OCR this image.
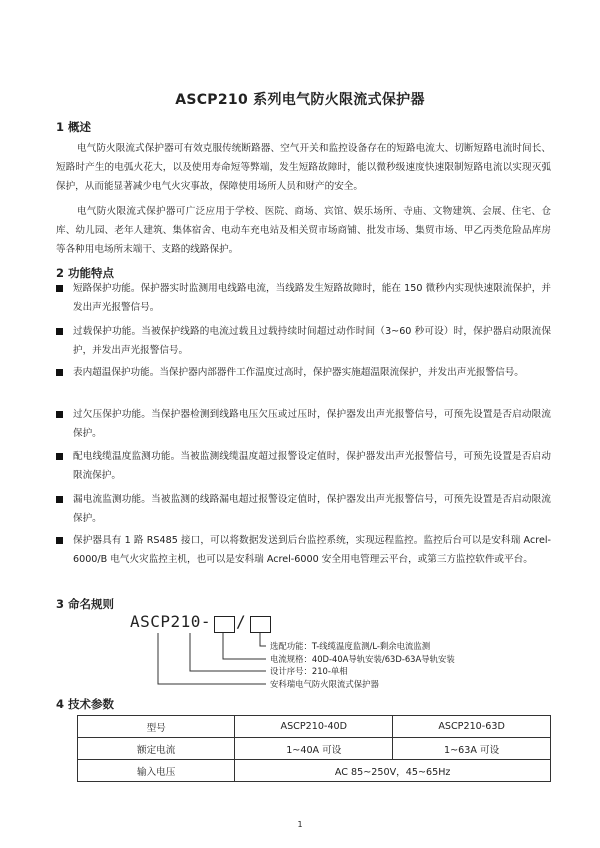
ASCP210 系列电气防火限流式保护器
1 概述
电气防火限流式保护器可有效克服传统断路器、空气开关和监控设备存在的短路电流大、切断短路电流时间长、短路时产生的电弧火花大，以及使用寿命短等弊端，发生短路故障时，能以微秒级速度快速限制短路电流以实现灭弧保护，从而能显著减少电气火灾事故，保障使用场所人员和财产的安全。
电气防火限流式保护器可广泛应用于学校、医院、商场、宾馆、娱乐场所、寺庙、文物建筑、会展、住宅、仓库、幼儿园、老年人建筑、集体宿舍、电动车充电站及相关贸市场商铺、批发市场、集贸市场、甲乙丙类危险品库房等各种用电场所末端干、支路的线路保护。
2 功能特点
短路保护功能。保护器实时监测用电线路电流，当线路发生短路故障时，能在 150 微秒内实现快速限流保护，并发出声光报警信号。
过载保护功能。当被保护线路的电流过载且过载持续时间超过动作时间（3~60 秒可设）时，保护器启动限流保护，并发出声光报警信号。
表内超温保护功能。当保护器内部器件工作温度过高时，保护器实施超温限流保护，并发出声光报警信号。
过欠压保护功能。当保护器检测到线路电压欠压或过压时，保护器发出声光报警信号，可预先设置是否启动限流保护。
配电线缆温度监测功能。当被监测线缆温度超过报警设定值时，保护器发出声光报警信号，可预先设置是否启动限流保护。
漏电流监测功能。当被监测的线路漏电超过报警设定值时，保护器发出声光报警信号，可预先设置是否启动限流保护。
保护器具有 1 路 RS485 接口，可以将数据发送到后台监控系统，实现远程监控。监控后台可以是安科瑞 Acrel-6000/B 电气火灾监控主机，也可以是安科瑞 Acrel-6000 安全用电管理云平台，或第三方监控软件或平台。
3 命名规则
ASCP210- /
选配功能：T-线缆温度监测/L-剩余电流监测
电流规格：40D-40A导轨安装/63D-63A导轨安装
设计序号：210-单相
安科瑞电气防火限流式保护器
4 技术参数
型号	ASCP210-40D	ASCP210-63D
额定电流	1~40A 可设	1~63A 可设
输入电压	AC 85~250V，45~65Hz	
1
